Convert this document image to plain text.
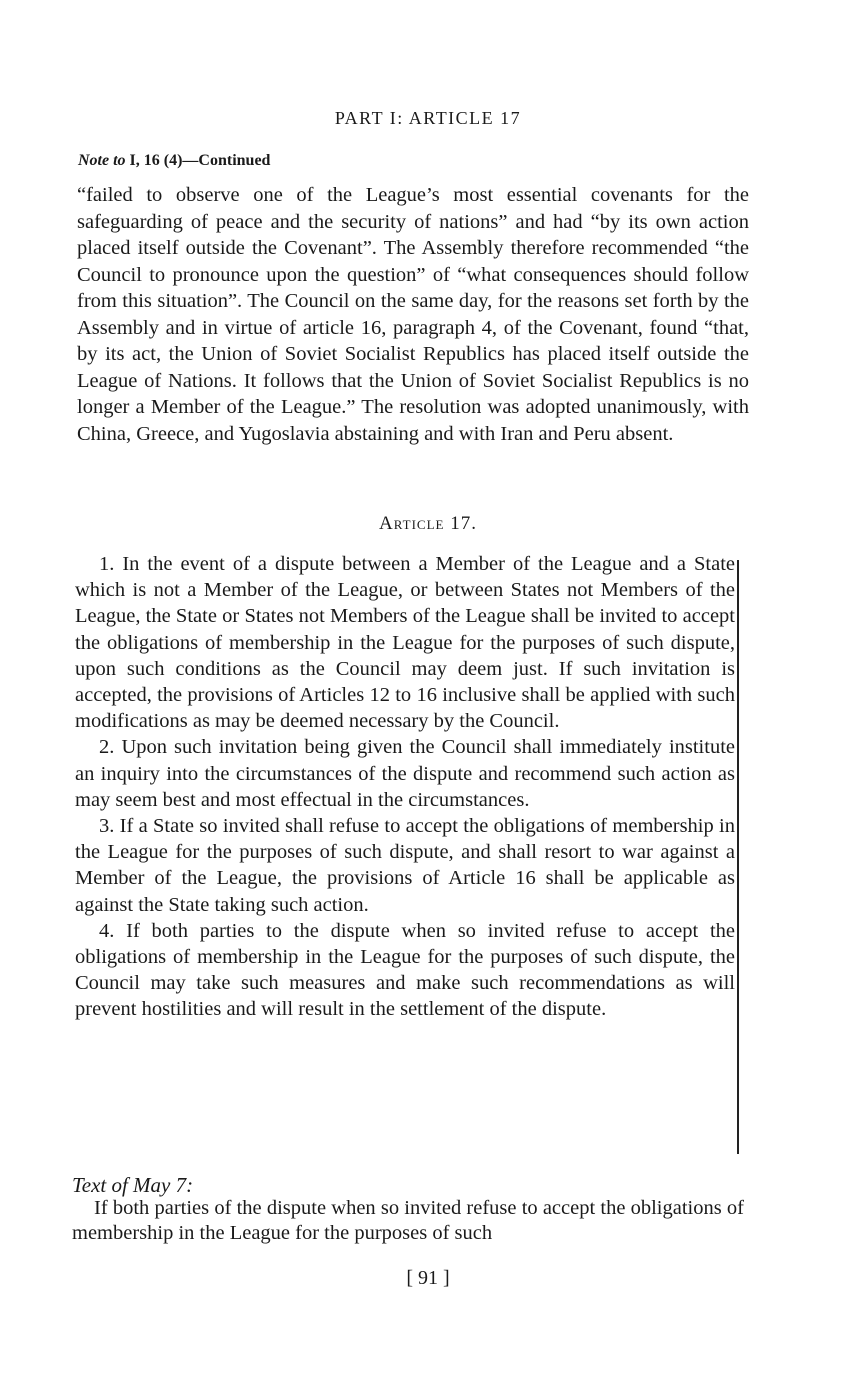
PART I: ARTICLE 17
Note to I, 16 (4)—Continued

“failed to observe one of the League’s most essential covenants for the safeguarding of peace and the security of nations” and had “by its own action placed itself outside the Covenant”. The Assembly therefore recommended “the Council to pronounce upon the question” of “what consequences should follow from this situation”. The Council on the same day, for the reasons set forth by the Assembly and in virtue of article 16, paragraph 4, of the Covenant, found “that, by its act, the Union of Soviet Socialist Republics has placed itself outside the League of Nations. It follows that the Union of Soviet Socialist Republics is no longer a Member of the League.” The resolution was adopted unanimously, with China, Greece, and Yugoslavia abstaining and with Iran and Peru absent.

Article 17.

1. In the event of a dispute between a Member of the League and a State which is not a Member of the League, or between States not Members of the League, the State or States not Members of the League shall be invited to accept the obligations of membership in the League for the purposes of such dispute, upon such conditions as the Council may deem just. If such invitation is accepted, the provisions of Articles 12 to 16 inclusive shall be applied with such modifications as may be deemed necessary by the Council.

2. Upon such invitation being given the Council shall immediately institute an inquiry into the circumstances of the dispute and recommend such action as may seem best and most effectual in the circumstances.

3. If a State so invited shall refuse to accept the obligations of membership in the League for the purposes of such dispute, and shall resort to war against a Member of the League, the provisions of Article 16 shall be applicable as against the State taking such action.

4. If both parties to the dispute when so invited refuse to accept the obligations of membership in the League for the purposes of such dispute, the Council may take such measures and make such recommendations as will prevent hostilities and will result in the settlement of the dispute.

Text of May 7:

If both parties of the dispute when so invited refuse to accept the obligations of membership in the League for the purposes of such

[ 91 ]
